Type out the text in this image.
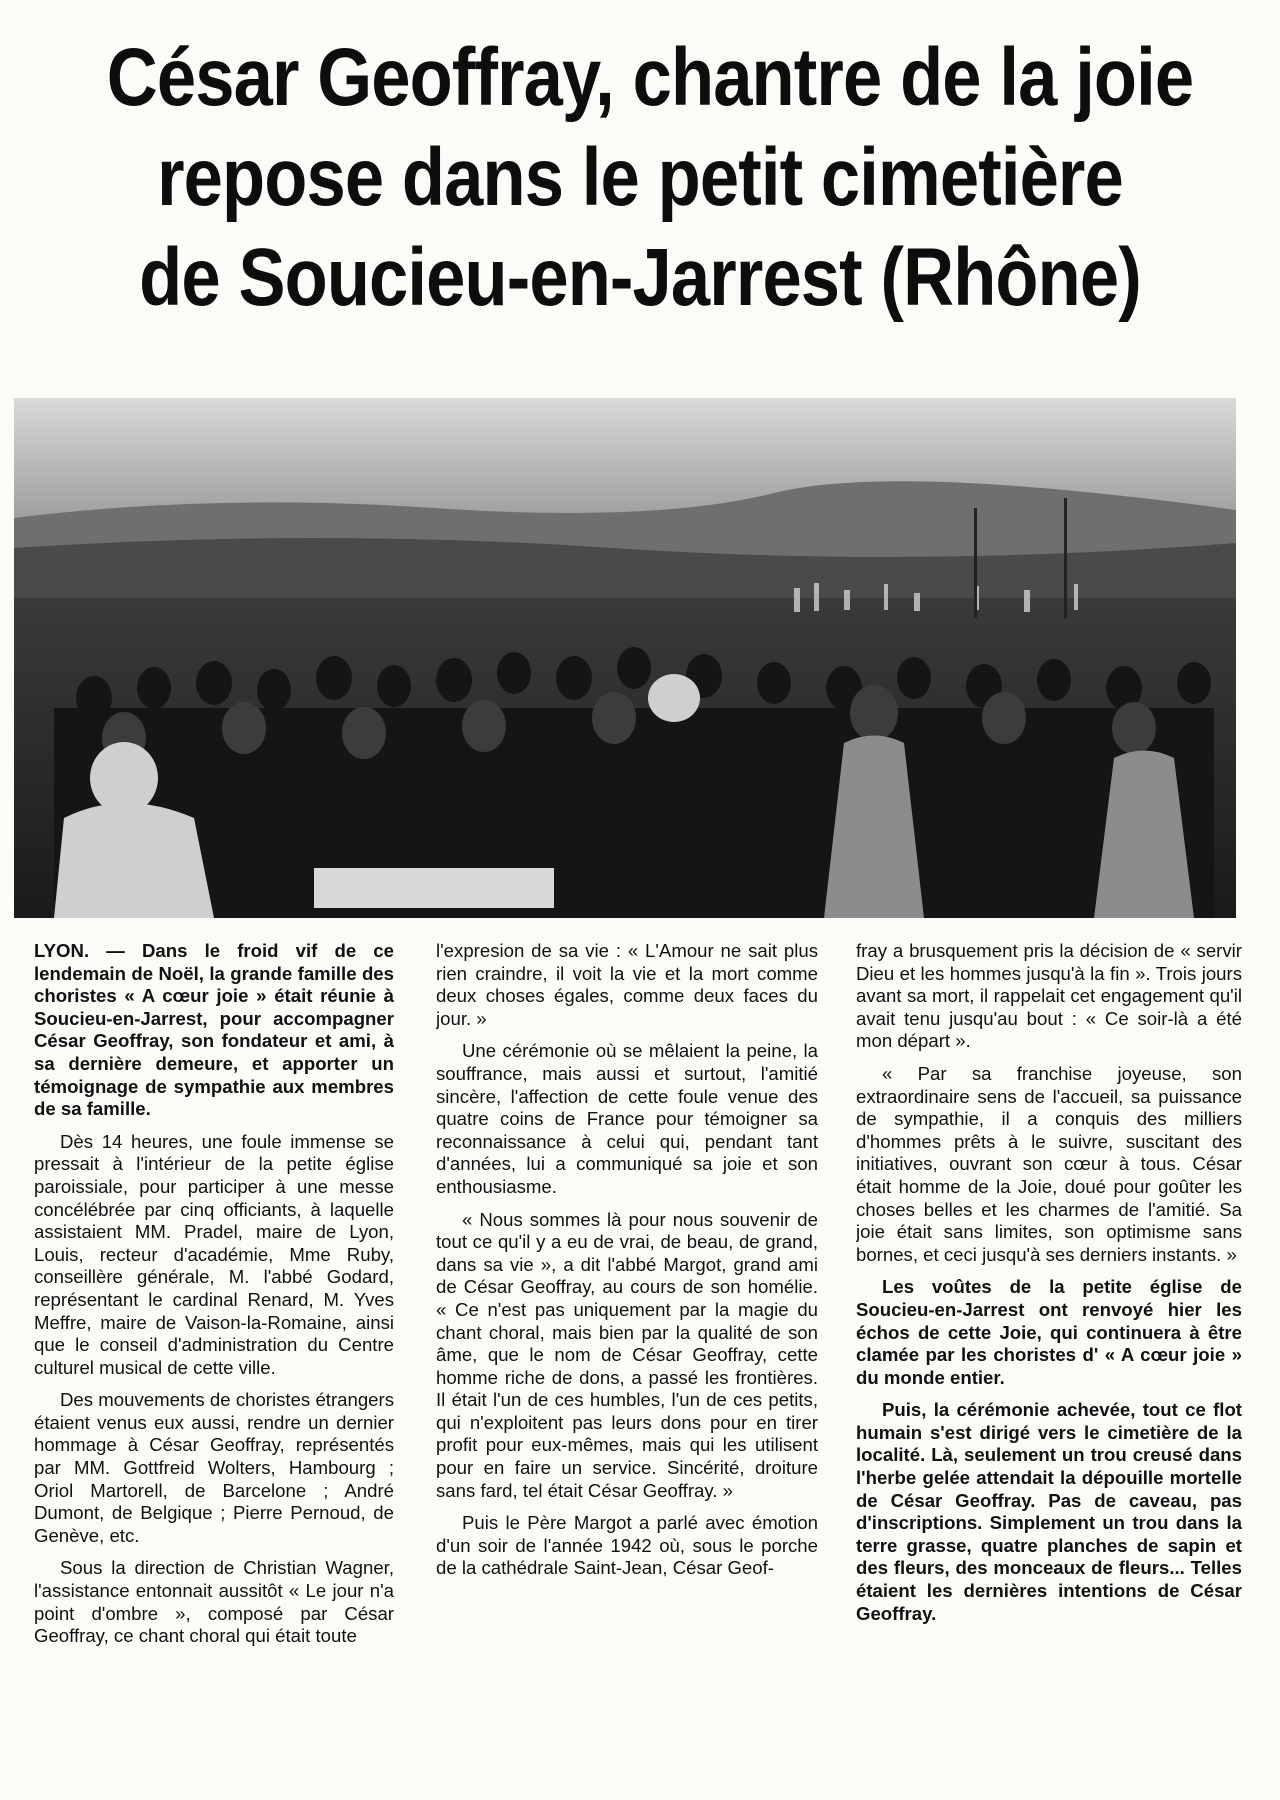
César Geoffray, chantre de la joie
repose dans le petit cimetière
de Soucieu-en-Jarrest (Rhône)

LYON. — Dans le froid vif de ce lendemain de Noël, la grande famille des choristes « A cœur joie » était réunie à Soucieu-en-Jarrest, pour accompagner César Geoffray, son fondateur et ami, à sa dernière demeure, et apporter un témoignage de sympathie aux membres de sa famille.

Dès 14 heures, une foule immense se pressait à l'intérieur de la petite église paroissiale, pour participer à une messe concélébrée par cinq officiants, à laquelle assistaient MM. Pradel, maire de Lyon, Louis, recteur d'académie, Mme Ruby, conseillère générale, M. l'abbé Godard, représentant le cardinal Renard, M. Yves Meffre, maire de Vaison-la-Romaine, ainsi que le conseil d'administration du Centre culturel musical de cette ville.

Des mouvements de choristes étrangers étaient venus eux aussi, rendre un dernier hommage à César Geoffray, représentés par MM. Gottfreid Wolters, Hambourg ; Oriol Martorell, de Barcelone ; André Dumont, de Belgique ; Pierre Pernoud, de Genève, etc.

Sous la direction de Christian Wagner, l'assistance entonnait aussitôt « Le jour n'a point d'ombre », composé par César Geoffray, ce chant choral qui était toute

l'expresion de sa vie : « L'Amour ne sait plus rien craindre, il voit la vie et la mort comme deux choses égales, comme deux faces du jour. »

Une cérémonie où se mêlaient la peine, la souffrance, mais aussi et surtout, l'amitié sincère, l'affection de cette foule venue des quatre coins de France pour témoigner sa reconnaissance à celui qui, pendant tant d'années, lui a communiqué sa joie et son enthousiasme.

« Nous sommes là pour nous souvenir de tout ce qu'il y a eu de vrai, de beau, de grand, dans sa vie », a dit l'abbé Margot, grand ami de César Geoffray, au cours de son homélie. « Ce n'est pas uniquement par la magie du chant choral, mais bien par la qualité de son âme, que le nom de César Geoffray, cette homme riche de dons, a passé les frontières. Il était l'un de ces humbles, l'un de ces petits, qui n'exploitent pas leurs dons pour en tirer profit pour eux-mêmes, mais qui les utilisent pour en faire un service. Sincérité, droiture sans fard, tel était César Geoffray. »

Puis le Père Margot a parlé avec émotion d'un soir de l'année 1942 où, sous le porche de la cathédrale Saint-Jean, César Geof-

fray a brusquement pris la décision de « servir Dieu et les hommes jusqu'à la fin ». Trois jours avant sa mort, il rappelait cet engagement qu'il avait tenu jusqu'au bout : « Ce soir-là a été mon départ ».

« Par sa franchise joyeuse, son extraordinaire sens de l'accueil, sa puissance de sympathie, il a conquis des milliers d'hommes prêts à le suivre, suscitant des initiatives, ouvrant son cœur à tous. César était homme de la Joie, doué pour goûter les choses belles et les charmes de l'amitié. Sa joie était sans limites, son optimisme sans bornes, et ceci jusqu'à ses derniers instants. »

Les voûtes de la petite église de Soucieu-en-Jarrest ont renvoyé hier les échos de cette Joie, qui continuera à être clamée par les choristes d' « A cœur joie » du monde entier.

Puis, la cérémonie achevée, tout ce flot humain s'est dirigé vers le cimetière de la localité. Là, seulement un trou creusé dans l'herbe gelée attendait la dépouille mortelle de César Geoffray. Pas de caveau, pas d'inscriptions. Simplement un trou dans la terre grasse, quatre planches de sapin et des fleurs, des monceaux de fleurs... Telles étaient les dernières intentions de César Geoffray.
